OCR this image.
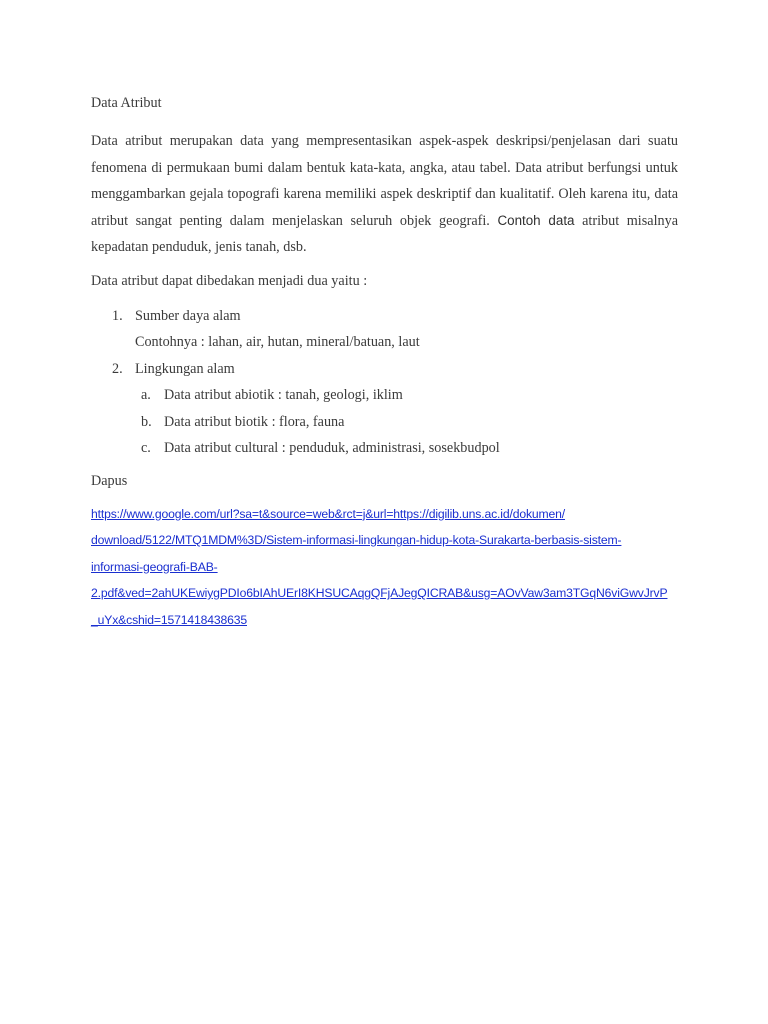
Data Atribut

Data atribut merupakan data yang mempresentasikan aspek-aspek deskripsi/penjelasan dari suatu fenomena di permukaan bumi dalam bentuk kata-kata, angka, atau tabel. Data atribut berfungsi untuk menggambarkan gejala topografi karena memiliki aspek deskriptif dan kualitatif. Oleh karena itu, data atribut sangat penting dalam menjelaskan seluruh objek geografi. Contoh data atribut misalnya kepadatan penduduk, jenis tanah, dsb.

Data atribut dapat dibedakan menjadi dua yaitu :

1. Sumber daya alam
Contohnya : lahan, air, hutan, mineral/batuan, laut
2. Lingkungan alam
a. Data atribut abiotik : tanah, geologi, iklim
b. Data atribut biotik : flora, fauna
c. Data atribut cultural : penduduk, administrasi, sosekbudpol

Dapus

https://www.google.com/url?sa=t&source=web&rct=j&url=https://digilib.uns.ac.id/dokumen/
download/5122/MTQ1MDM%3D/Sistem-informasi-lingkungan-hidup-kota-Surakarta-berbasis-sistem-
informasi-geografi-BAB-
2.pdf&ved=2ahUKEwiygPDIo6bIAhUErI8KHSUCAqgQFjAJegQICRAB&usg=AOvVaw3am3TGqN6viGwvJrvP
_uYx&cshid=1571418438635
